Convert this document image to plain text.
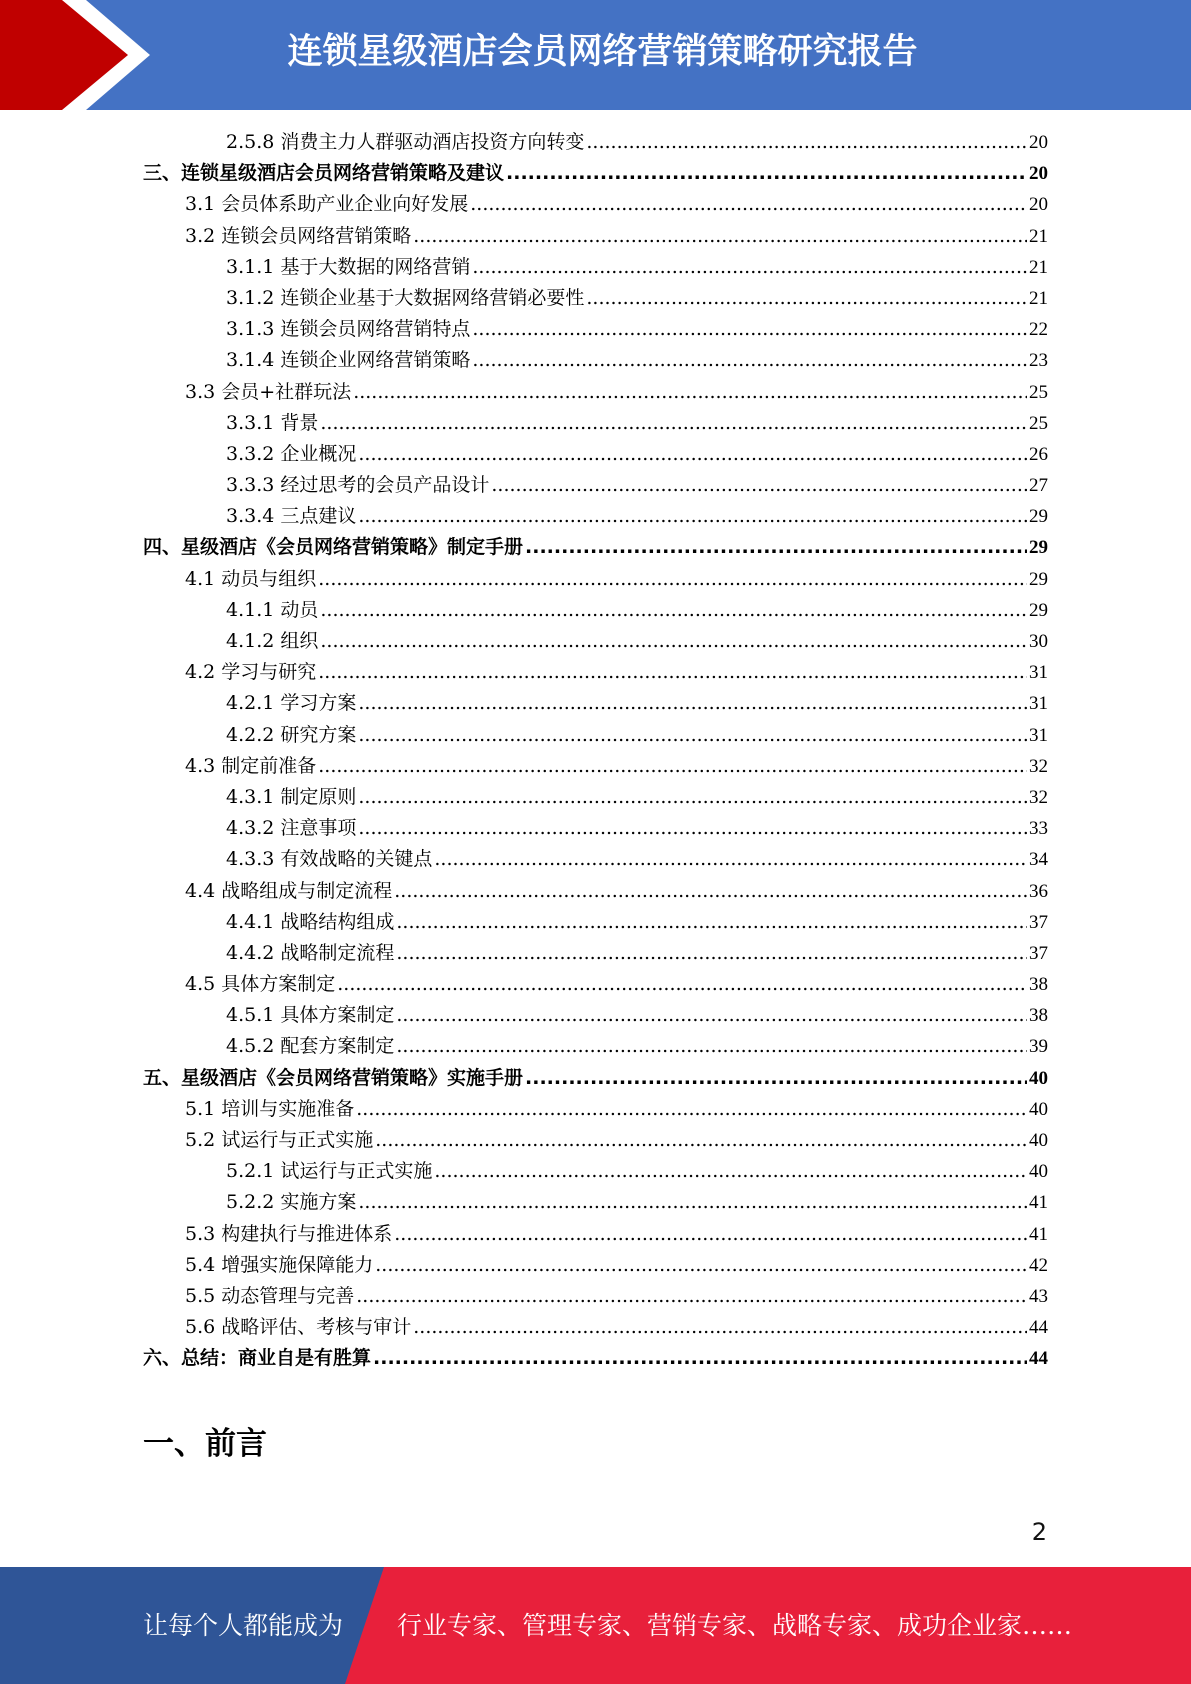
连锁星级酒店会员网络营销策略研究报告
2.5.8 消费主力人群驱动酒店投资方向转变 .....	20
三、连锁星级酒店会员网络营销策略及建议 .....	20
3.1 会员体系助产业企业向好发展 .....	20
3.2 连锁会员网络营销策略 .....	21
3.1.1 基于大数据的网络营销 .....	21
3.1.2 连锁企业基于大数据网络营销必要性 .....	21
3.1.3 连锁会员网络营销特点 .....	22
3.1.4 连锁企业网络营销策略 .....	23
3.3 会员+社群玩法 .....	25
3.3.1 背景 .....	25
3.3.2 企业概况 .....	26
3.3.3 经过思考的会员产品设计 .....	27
3.3.4 三点建议 .....	29
四、星级酒店《会员网络营销策略》制定手册 .....	29
4.1 动员与组织 .....	29
4.1.1 动员 .....	29
4.1.2 组织 .....	30
4.2 学习与研究 .....	31
4.2.1 学习方案 .....	31
4.2.2 研究方案 .....	31
4.3 制定前准备 .....	32
4.3.1 制定原则 .....	32
4.3.2 注意事项 .....	33
4.3.3 有效战略的关键点 .....	34
4.4 战略组成与制定流程 .....	36
4.4.1 战略结构组成 .....	37
4.4.2 战略制定流程 .....	37
4.5 具体方案制定 .....	38
4.5.1 具体方案制定 .....	38
4.5.2 配套方案制定 .....	39
五、星级酒店《会员网络营销策略》实施手册 .....	40
5.1 培训与实施准备 .....	40
5.2 试运行与正式实施 .....	40
5.2.1 试运行与正式实施 .....	40
5.2.2 实施方案 .....	41
5.3 构建执行与推进体系 .....	41
5.4 增强实施保障能力 .....	42
5.5 动态管理与完善 .....	43
5.6 战略评估、考核与审计 .....	44
六、总结：商业自是有胜算 .....	44
一、前言
2
让每个人都能成为 行业专家、管理专家、营销专家、战略专家、成功企业家……
